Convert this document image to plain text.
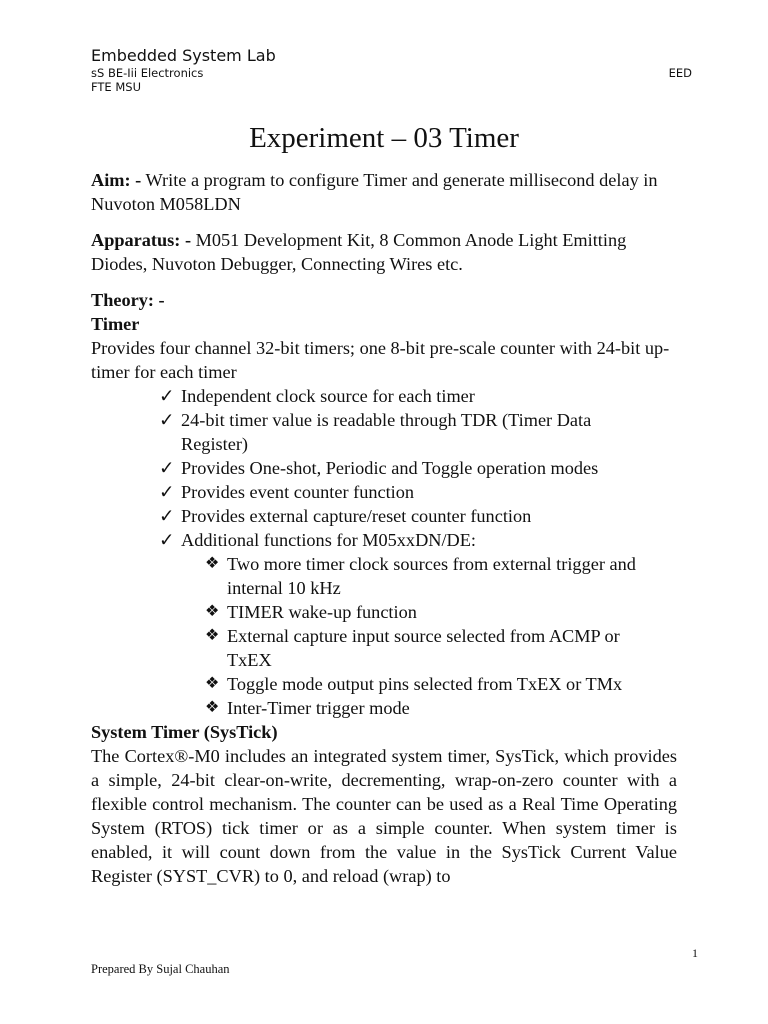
Embedded System Lab
sS BE-Iii Electronics	EED
FTE MSU
Experiment – 03 Timer

Aim: - Write a program to configure Timer and generate millisecond delay in Nuvoton M058LDN

Apparatus: - M051 Development Kit, 8 Common Anode Light Emitting Diodes, Nuvoton Debugger, Connecting Wires etc.

Theory: -

Timer

Provides four channel 32-bit timers; one 8-bit pre-scale counter with 24-bit up-timer for each timer

✓ Independent clock source for each timer
✓ 24-bit timer value is readable through TDR (Timer Data Register)
✓ Provides One-shot, Periodic and Toggle operation modes
✓ Provides event counter function
✓ Provides external capture/reset counter function
✓ Additional functions for M05xxDN/DE:
❖ Two more timer clock sources from external trigger and internal 10 kHz
❖ TIMER wake-up function
❖ External capture input source selected from ACMP or TxEX
❖ Toggle mode output pins selected from TxEX or TMx
❖ Inter-Timer trigger mode

System Timer (SysTick)

The Cortex®-M0 includes an integrated system timer, SysTick, which provides a simple, 24-bit clear-on-write, decrementing, wrap-on-zero counter with a flexible control mechanism. The counter can be used as a Real Time Operating System (RTOS) tick timer or as a simple counter. When system timer is enabled, it will count down from the value in the SysTick Current Value Register (SYST_CVR) to 0, and reload (wrap) to

1
Prepared By Sujal Chauhan
